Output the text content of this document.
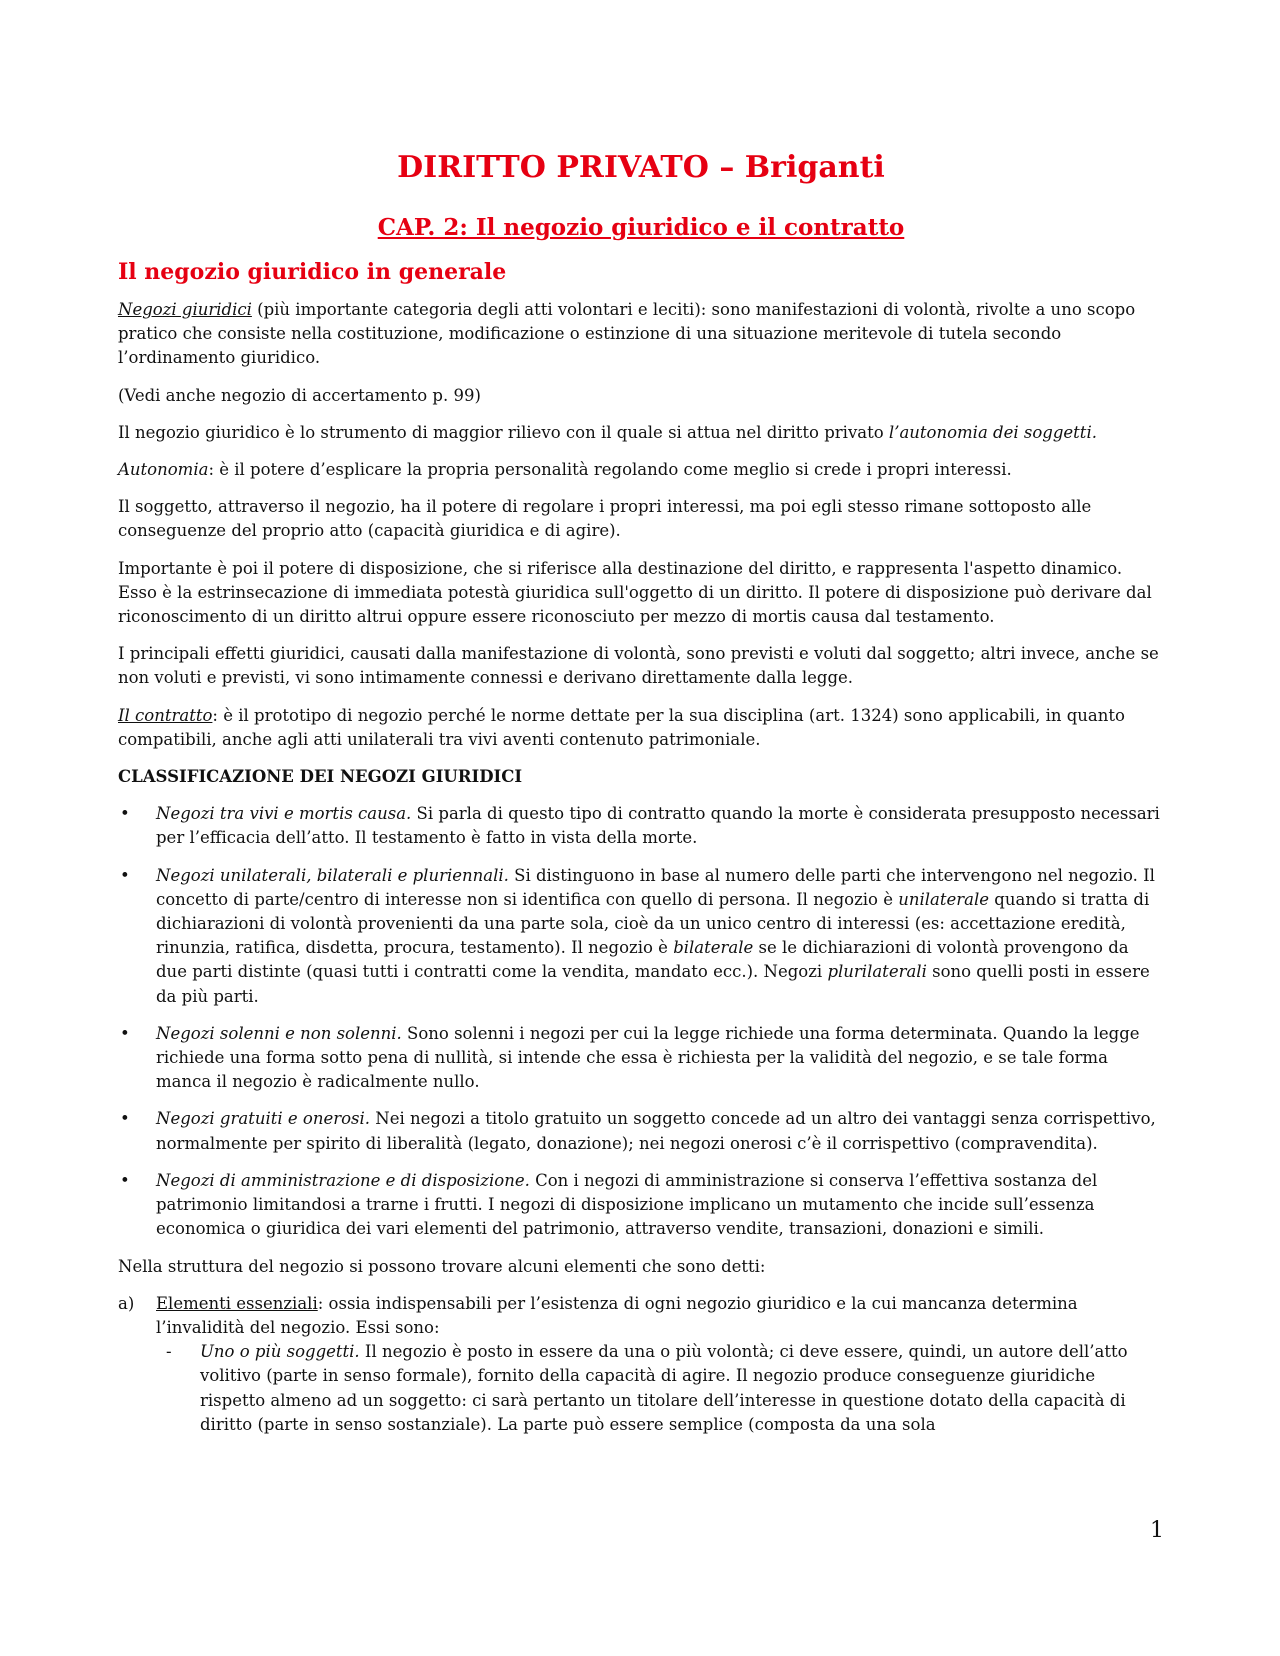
DIRITTO PRIVATO – Briganti
CAP. 2: Il negozio giuridico e il contratto
Il negozio giuridico in generale

Negozi giuridici (più importante categoria degli atti volontari e leciti): sono manifestazioni di volontà, rivolte a uno scopo pratico che consiste nella costituzione, modificazione o estinzione di una situazione meritevole di tutela secondo l’ordinamento giuridico.

(Vedi anche negozio di accertamento p. 99)

Il negozio giuridico è lo strumento di maggior rilievo con il quale si attua nel diritto privato l’autonomia dei soggetti.

Autonomia: è il potere d’esplicare la propria personalità regolando come meglio si crede i propri interessi.

Il soggetto, attraverso il negozio, ha il potere di regolare i propri interessi, ma poi egli stesso rimane sottoposto alle conseguenze del proprio atto (capacità giuridica e di agire).

Importante è poi il potere di disposizione, che si riferisce alla destinazione del diritto, e rappresenta l'aspetto dinamico. Esso è la estrinsecazione di immediata potestà giuridica sull'oggetto di un diritto. Il potere di disposizione può derivare dal riconoscimento di un diritto altrui oppure essere riconosciuto per mezzo di mortis causa dal testamento.

I principali effetti giuridici, causati dalla manifestazione di volontà, sono previsti e voluti dal soggetto; altri invece, anche se non voluti e previsti, vi sono intimamente connessi e derivano direttamente dalla legge.

Il contratto: è il prototipo di negozio perché le norme dettate per la sua disciplina (art. 1324) sono applicabili, in quanto compatibili, anche agli atti unilaterali tra vivi aventi contenuto patrimoniale.

CLASSIFICAZIONE DEI NEGOZI GIURIDICI

• Negozi tra vivi e mortis causa. Si parla di questo tipo di contratto quando la morte è considerata presupposto necessari per l’efficacia dell’atto. Il testamento è fatto in vista della morte.
• Negozi unilaterali, bilaterali e pluriennali. Si distinguono in base al numero delle parti che intervengono nel negozio. Il concetto di parte/centro di interesse non si identifica con quello di persona. Il negozio è unilaterale quando si tratta di dichiarazioni di volontà provenienti da una parte sola, cioè da un unico centro di interessi (es: accettazione eredità, rinunzia, ratifica, disdetta, procura, testamento). Il negozio è bilaterale se le dichiarazioni di volontà provengono da due parti distinte (quasi tutti i contratti come la vendita, mandato ecc.). Negozi plurilaterali sono quelli posti in essere da più parti.
• Negozi solenni e non solenni. Sono solenni i negozi per cui la legge richiede una forma determinata. Quando la legge richiede una forma sotto pena di nullità, si intende che essa è richiesta per la validità del negozio, e se tale forma manca il negozio è radicalmente nullo.
• Negozi gratuiti e onerosi. Nei negozi a titolo gratuito un soggetto concede ad un altro dei vantaggi senza corrispettivo, normalmente per spirito di liberalità (legato, donazione); nei negozi onerosi c’è il corrispettivo (compravendita).
• Negozi di amministrazione e di disposizione. Con i negozi di amministrazione si conserva l’effettiva sostanza del patrimonio limitandosi a trarne i frutti. I negozi di disposizione implicano un mutamento che incide sull’essenza economica o giuridica dei vari elementi del patrimonio, attraverso vendite, transazioni, donazioni e simili.

Nella struttura del negozio si possono trovare alcuni elementi che sono detti:

a) Elementi essenziali: ossia indispensabili per l’esistenza di ogni negozio giuridico e la cui mancanza determina l’invalidità del negozio. Essi sono:
- Uno o più soggetti. Il negozio è posto in essere da una o più volontà; ci deve essere, quindi, un autore dell’atto volitivo (parte in senso formale), fornito della capacità di agire. Il negozio produce conseguenze giuridiche rispetto almeno ad un soggetto: ci sarà pertanto un titolare dell’interesse in questione dotato della capacità di diritto (parte in senso sostanziale). La parte può essere semplice (composta da una sola
1
